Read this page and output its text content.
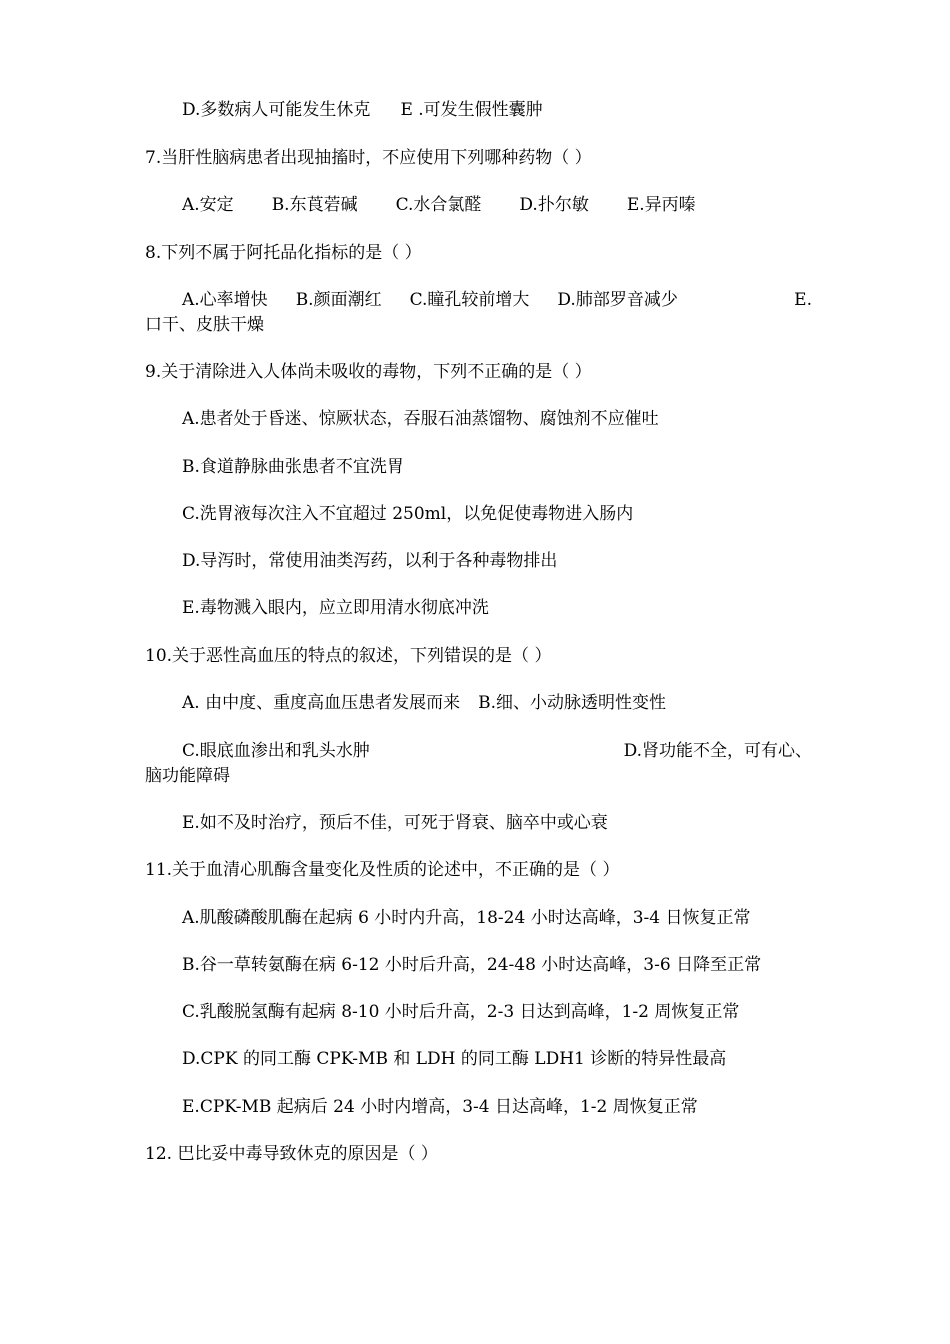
D.多数病人可能发生休克 E .可发生假性囊肿

7.当肝性脑病患者出现抽搐时，不应使用下列哪种药物（ ）

A.安定 B.东莨菪碱 C.水合氯醛 D.扑尔敏 E.异丙嗪

8.下列不属于阿托品化指标的是（ ）

A.心率增快 B.颜面潮红 C.瞳孔较前增大 D.肺部罗音减少	E.

口干、皮肤干燥

9.关于清除进入人体尚未吸收的毒物，下列不正确的是（ ）

A.患者处于昏迷、惊厥状态，吞服石油蒸馏物、腐蚀剂不应催吐

B.食道静脉曲张患者不宜洗胃

C.洗胃液每次注入不宜超过 250ml，以免促使毒物进入肠内

D.导泻时，常使用油类泻药，以利于各种毒物排出

E.毒物溅入眼内，应立即用清水彻底冲洗

10.关于恶性高血压的特点的叙述，下列错误的是（ ）

A. 由中度、重度高血压患者发展而来 B.细、小动脉透明性变性

C.眼底血渗出和乳头水肿	D.肾功能不全，可有心、

脑功能障碍

E.如不及时治疗，预后不佳，可死于肾衰、脑卒中或心衰

11.关于血清心肌酶含量变化及性质的论述中，不正确的是（ ）

A.肌酸磷酸肌酶在起病 6 小时内升高，18-24 小时达高峰，3-4 日恢复正常

B.谷一草转氨酶在病 6-12 小时后升高，24-48 小时达高峰，3-6 日降至正常

C.乳酸脱氢酶有起病 8-10 小时后升高，2-3 日达到高峰，1-2 周恢复正常

D.CPK 的同工酶 CPK-MB 和 LDH 的同工酶 LDH1 诊断的特异性最高

E.CPK-MB 起病后 24 小时内增高，3-4 日达高峰，1-2 周恢复正常

12. 巴比妥中毒导致休克的原因是（ ）
